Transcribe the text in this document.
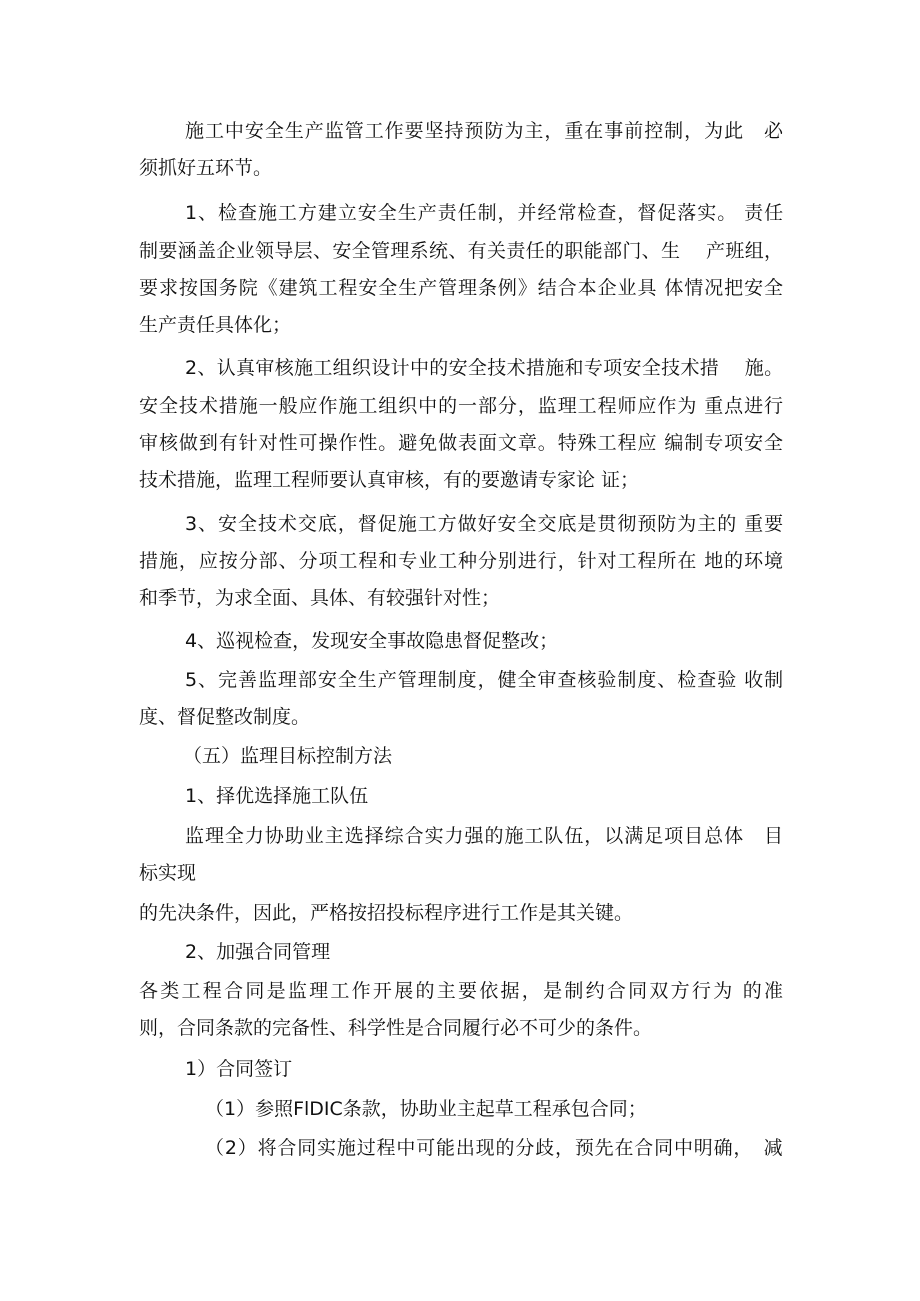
施工中安全生产监管工作要坚持预防为主，重在事前控制，为此　必
须抓好五环节。
1、检查施工方建立安全生产责任制，并经常检查，督促落实。 责任
制要涵盖企业领导层、安全管理系统、有关责任的职能部门、生　 产班组，
要求按国务院《建筑工程安全生产管理条例》结合本企业具 体情况把安全
生产责任具体化；
2、认真审核施工组织设计中的安全技术措施和专项安全技术措　 施。
安全技术措施一般应作施工组织中的一部分，监理工程师应作为 重点进行
审核做到有针对性可操作性。避免做表面文章。特殊工程应 编制专项安全
技术措施，监理工程师要认真审核，有的要邀请专家论 证；
3、安全技术交底，督促施工方做好安全交底是贯彻预防为主的 重要
措施，应按分部、分项工程和专业工种分别进行，针对工程所在 地的环境
和季节，为求全面、具体、有较强针对性；
4、巡视检查，发现安全事故隐患督促整改；
5、完善监理部安全生产管理制度，健全审查核验制度、检查验 收制
度、督促整改制度。
（五）监理目标控制方法
1、择优选择施工队伍
监理全力协助业主选择综合实力强的施工队伍，以满足项目总体　目
标实现
的先决条件，因此，严格按招投标程序进行工作是其关键。
2、加强合同管理
各类工程合同是监理工作开展的主要依据，是制约合同双方行为 的准
则，合同条款的完备性、科学性是合同履行必不可少的条件。
1）合同签订
（1）参照FlDIC条款，协助业主起草工程承包合同；
（2）将合同实施过程中可能出现的分歧，预先在合同中明确，　减
